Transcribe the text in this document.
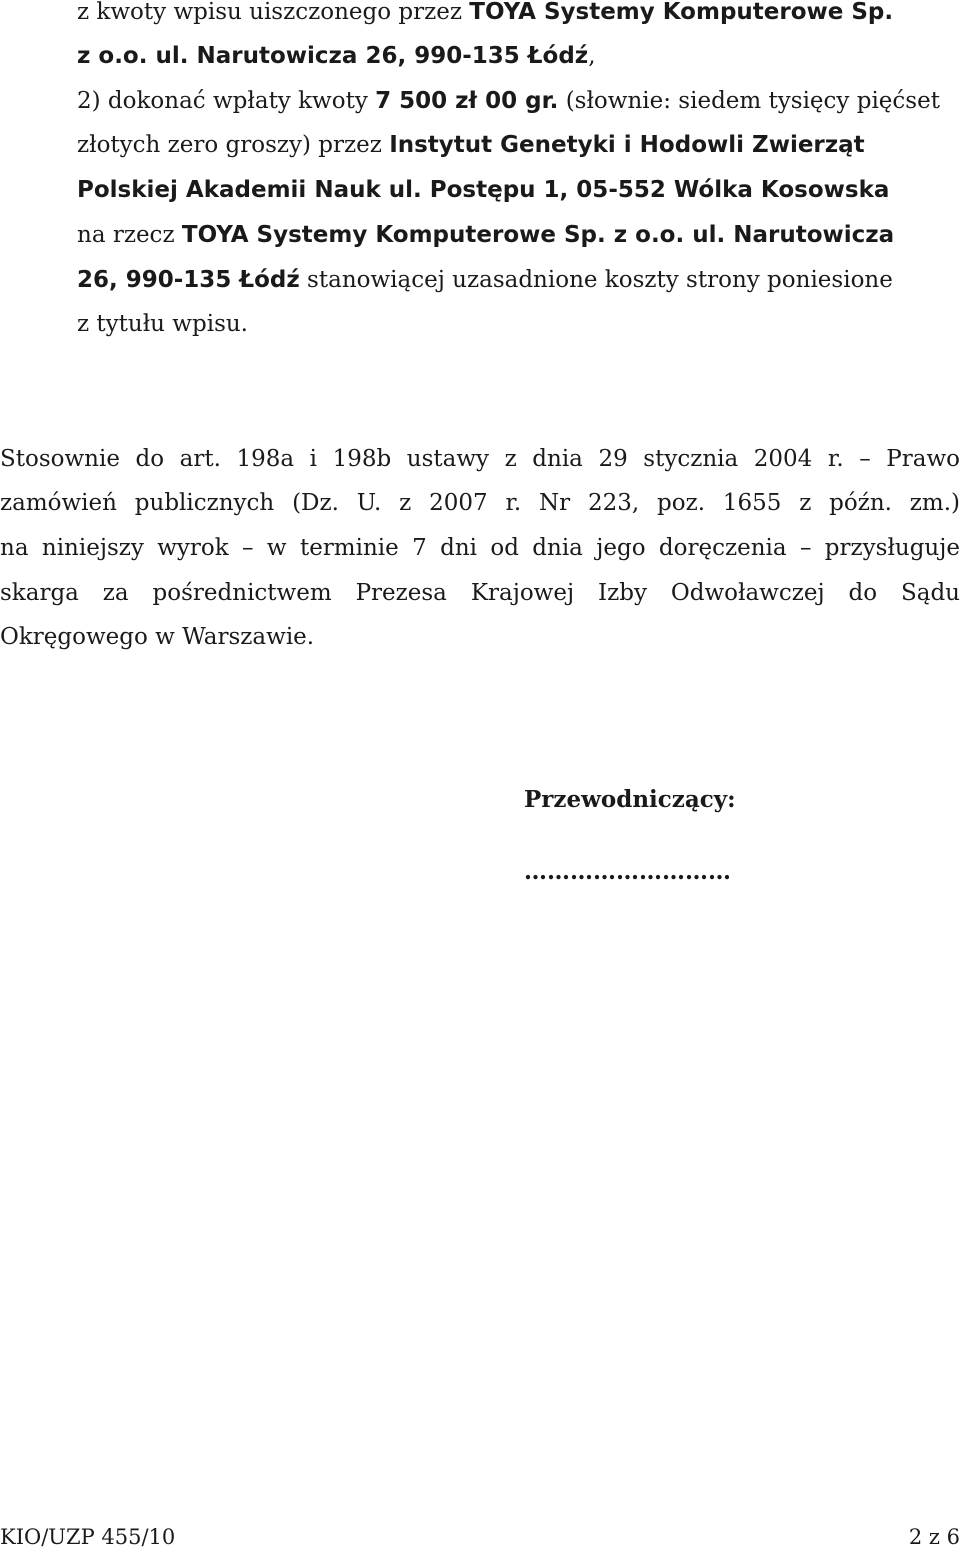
z kwoty wpisu uiszczonego przez TOYA Systemy Komputerowe Sp.

z o.o. ul. Narutowicza 26, 990-135 Łódź,

2) dokonać wpłaty kwoty 7 500 zł 00 gr. (słownie: siedem tysięcy pięćset

złotych zero groszy) przez Instytut Genetyki i Hodowli Zwierząt

Polskiej Akademii Nauk ul. Postępu 1, 05-552 Wólka Kosowska

na rzecz TOYA Systemy Komputerowe Sp. z o.o. ul. Narutowicza

26, 990-135 Łódź stanowiącej uzasadnione koszty strony poniesione

z tytułu wpisu.

Stosownie do art. 198a i 198b ustawy z dnia 29 stycznia 2004 r. – Prawo

zamówień publicznych (Dz. U. z 2007 r. Nr 223, poz. 1655 z późn. zm.)

na niniejszy wyrok – w terminie 7 dni od dnia jego doręczenia – przysługuje

skarga za pośrednictwem Prezesa Krajowej Izby Odwoławczej do Sądu

Okręgowego w Warszawie.

Przewodniczący:
………………………
KIO/UZP 455/10	2 z 6
